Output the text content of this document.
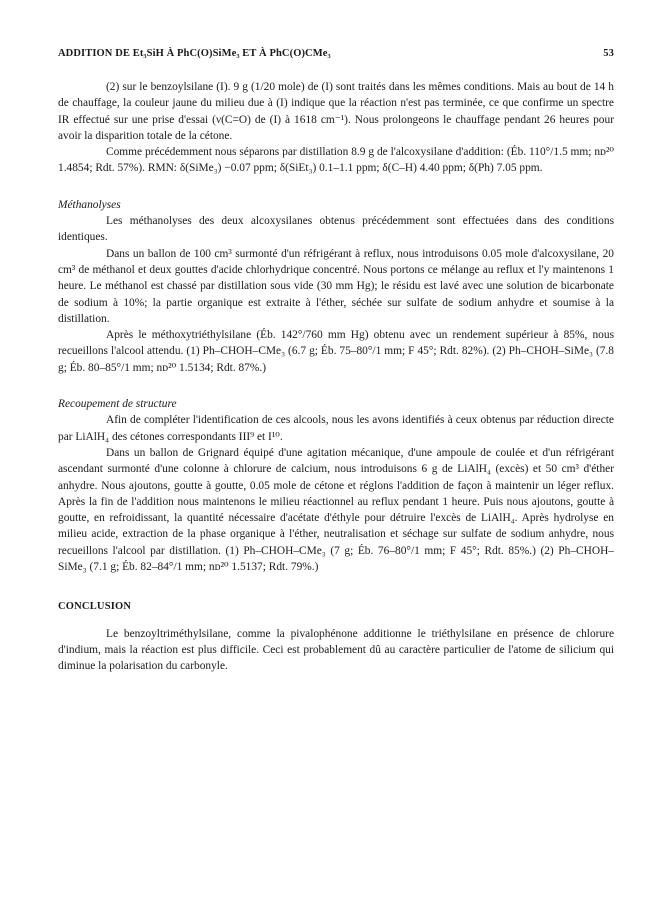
ADDITION DE Et₃SiH À PhC(O)SiMe₃ ET À PhC(O)CMe₃	53

(2) sur le benzoylsilane (I). 9 g (1/20 mole) de (I) sont traités dans les mêmes conditions. Mais au bout de 14 h de chauffage, la couleur jaune du milieu due à (I) indique que la réaction n'est pas terminée, ce que confirme un spectre IR effectué sur une prise d'essai (ν(C=O) de (I) à 1618 cm⁻¹). Nous prolongeons le chauffage pendant 26 heures pour avoir la disparition totale de la cétone.

Comme précédemment nous séparons par distillation 8.9 g de l'alcoxysilane d'addition: (Éb. 110°/1.5 mm; nᴅ²⁰ 1.4854; Rdt. 57%). RMN: δ(SiMe₃) −0.07 ppm; δ(SiEt₃) 0.1–1.1 ppm; δ(C–H) 4.40 ppm; δ(Ph) 7.05 ppm.

Méthanolyses

Les méthanolyses des deux alcoxysilanes obtenus précédemment sont effectuées dans des conditions identiques.

Dans un ballon de 100 cm³ surmonté d'un réfrigérant à reflux, nous introduisons 0.05 mole d'alcoxysilane, 20 cm³ de méthanol et deux gouttes d'acide chlorhydrique concentré. Nous portons ce mélange au reflux et l'y maintenons 1 heure. Le méthanol est chassé par distillation sous vide (30 mm Hg); le résidu est lavé avec une solution de bicarbonate de sodium à 10%; la partie organique est extraite à l'éther, séchée sur sulfate de sodium anhydre et soumise à la distillation.

Après le méthoxytriéthylsilane (Éb. 142°/760 mm Hg) obtenu avec un rendement supérieur à 85%, nous recueillons l'alcool attendu. (1) Ph–CHOH–CMe₃ (6.7 g; Éb. 75–80°/1 mm; F 45°; Rdt. 82%). (2) Ph–CHOH–SiMe₃ (7.8 g; Éb. 80–85°/1 mm; nᴅ²⁰ 1.5134; Rdt. 87%.)

Recoupement de structure

Afin de compléter l'identification de ces alcools, nous les avons identifiés à ceux obtenus par réduction directe par LiAlH₄ des cétones correspondants III⁹ et I¹⁰.

Dans un ballon de Grignard équipé d'une agitation mécanique, d'une ampoule de coulée et d'un réfrigérant ascendant surmonté d'une colonne à chlorure de calcium, nous introduisons 6 g de LiAlH₄ (excès) et 50 cm³ d'éther anhydre. Nous ajoutons, goutte à goutte, 0.05 mole de cétone et réglons l'addition de façon à maintenir un léger reflux. Après la fin de l'addition nous maintenons le milieu réactionnel au reflux pendant 1 heure. Puis nous ajoutons, goutte à goutte, en refroidissant, la quantité nécessaire d'acétate d'éthyle pour détruire l'excès de LiAlH₄. Après hydrolyse en milieu acide, extraction de la phase organique à l'éther, neutralisation et séchage sur sulfate de sodium anhydre, nous recueillons l'alcool par distillation. (1) Ph–CHOH–CMe₃ (7 g; Éb. 76–80°/1 mm; F 45°; Rdt. 85%.) (2) Ph–CHOH–SiMe₃ (7.1 g; Éb. 82–84°/1 mm; nᴅ²⁰ 1.5137; Rdt. 79%.)

CONCLUSION

Le benzoyltriméthylsilane, comme la pivalophénone additionne le triéthylsilane en présence de chlorure d'indium, mais la réaction est plus difficile. Ceci est probablement dû au caractère particulier de l'atome de silicium qui diminue la polarisation du carbonyle.
